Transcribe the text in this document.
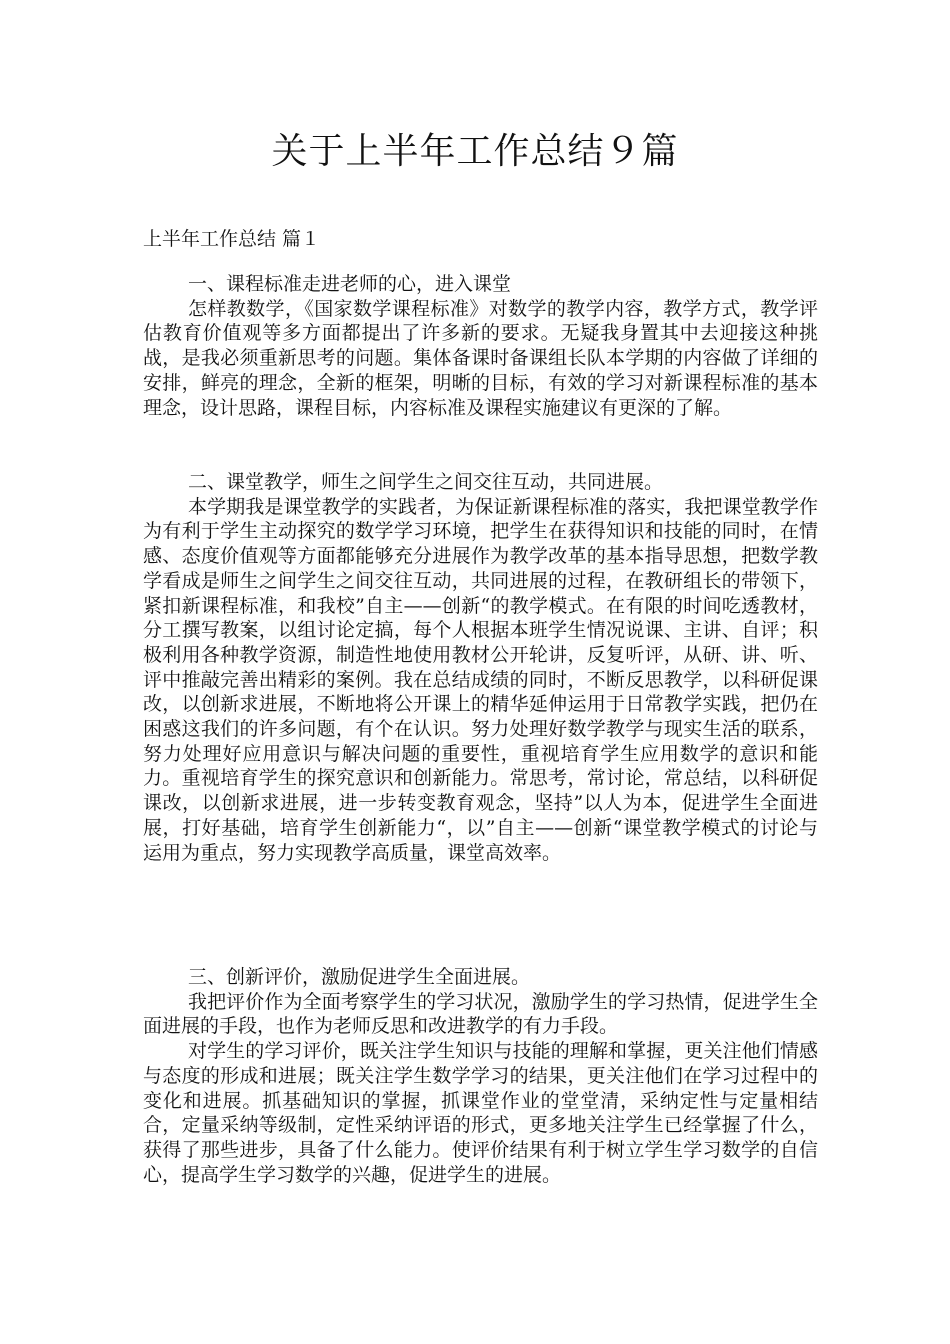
关于上半年工作总结９篇

上半年工作总结 篇１

一、课程标准走进老师的心，进入课堂

怎样教数学，《国家数学课程标准》对数学的教学内容，教学方式，教学评估教育价值观等多方面都提出了许多新的要求。无疑我身置其中去迎接这种挑战，是我必须重新思考的问题。集体备课时备课组长队本学期的内容做了详细的安排，鲜亮的理念，全新的框架，明晰的目标，有效的学习对新课程标准的基本理念，设计思路，课程目标，内容标准及课程实施建议有更深的了解。

二、课堂教学，师生之间学生之间交往互动，共同进展。

本学期我是课堂教学的实践者，为保证新课程标准的落实，我把课堂教学作为有利于学生主动探究的数学学习环境，把学生在获得知识和技能的同时，在情感、态度价值观等方面都能够充分进展作为教学改革的基本指导思想，把数学教学看成是师生之间学生之间交往互动，共同进展的过程，在教研组长的带领下，紧扣新课程标准，和我校”自主——创新“的教学模式。在有限的时间吃透教材，分工撰写教案，以组讨论定搞，每个人根据本班学生情况说课、主讲、自评；积极利用各种教学资源，制造性地使用教材公开轮讲，反复听评，从研、讲、听、评中推敲完善出精彩的案例。我在总结成绩的同时，不断反思教学，以科研促课改，以创新求进展，不断地将公开课上的精华延伸运用于日常教学实践，把仍在困惑这我们的许多问题，有个在认识。努力处理好数学教学与现实生活的联系，努力处理好应用意识与解决问题的重要性，重视培育学生应用数学的意识和能力。重视培育学生的探究意识和创新能力。常思考，常讨论，常总结，以科研促课改，以创新求进展，进一步转变教育观念，坚持”以人为本，促进学生全面进展，打好基础，培育学生创新能力“，以”自主——创新“课堂教学模式的讨论与运用为重点，努力实现教学高质量，课堂高效率。

三、创新评价，激励促进学生全面进展。

我把评价作为全面考察学生的学习状况，激励学生的学习热情，促进学生全面进展的手段，也作为老师反思和改进教学的有力手段。

对学生的学习评价，既关注学生知识与技能的理解和掌握，更关注他们情感与态度的形成和进展；既关注学生数学学习的结果，更关注他们在学习过程中的变化和进展。抓基础知识的掌握，抓课堂作业的堂堂清，采纳定性与定量相结合，定量采纳等级制，定性采纳评语的形式，更多地关注学生已经掌握了什么，获得了那些进步，具备了什么能力。使评价结果有利于树立学生学习数学的自信心，提高学生学习数学的兴趣，促进学生的进展。
